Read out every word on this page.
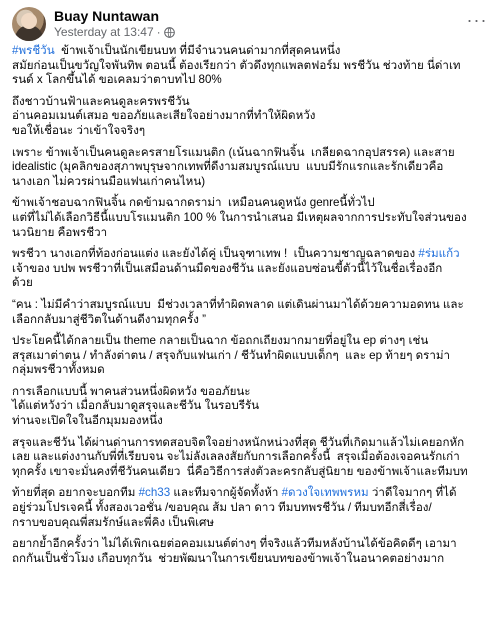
Buay Nuntawan
Yesterday at 13:47 ·
···

#พรชีวัน  ข้าพเจ้าเป็นนักเขียนบท ที่มีจำนวนคนด่ามากที่สุดคนหนึ่ง
สมัยก่อนเป็นขวัญใจพันทิพ ตอนนี้ ต้องเรียกว่า ตัวดึงทุกแพลตฟอร์ม พรชีวัน ช่วงท้าย นี่ด่าเท
รนด์ x โลกขึ้นได้ ขอเคลมว่าตาบทไป 80%

ถึงชาวบ้านฟ้าและคนดูละครพรชีวัน
อ่านคอมเมนต์เสมอ ขออภัยและเสียใจอย่างมากที่ทำให้ผิดหวัง
ขอให้เชื่อนะ ว่าเข้าใจจริงๆ

เพราะ ข้าพเจ้าเป็นคนดูละครสายโรแมนติก (เน้นฉากฟินจิ้น  เกลียดฉากอุปสรรค) และสาย
idealistic (มุคลิกของสุภาพบุรุษจากเทพที่ดีงามสมบูรณ์แบบ  แบบมีรักแรกและรักเดียวคือ
นางเอก ไม่ควรผ่านมือแฟนเก่าคนไหน)

ข้าพเจ้าชอบฉากฟินจิ้น กดข้ามฉากดราม่า  เหมือนคนดูหนัง genreนี้ทั่วไป
แต่ที่ไม่ได้เลือกวิธีนี้แบบโรแมนติก 100 % ในการนำเสนอ มีเหตุผลจากการประทับใจส่วนของ
นวนิยาย คือพรชีวา

พรชีวา นางเอกที่ท้องก่อนแต่ง และยังได้คู่ เป็นจุฑาเทพ !  เป็นความชาญฉลาดของ #ร่มแก้ว
เจ้าของ บปพ พรชีวาที่เป็นเสมือนด้านมืดของชีวัน และยังแอบซ่อนขี้ตัวนี้ไว้ในชื่อเรื่องอีก
ด้วย

“คน : ไม่มีคำว่าสมบูรณ์แบบ  มีช่วงเวลาที่ทำผิดพลาด แต่เดินผ่านมาได้ด้วยความอดทน และ
เลือกกลับมาสู่ชีวิตในด้านดีงามทุกครั้ง ”

ประโยคนี้ได้กลายเป็น theme กลายเป็นฉาก ข้อถกเถียงมากมายที่อยู่ใน ep ต่างๆ เช่น
สรุสเมาต่าตน / ทำลังต่าตน / สรุจกับแฟนเก่า / ชีวันทำผิดแบบเด็กๆ  และ ep ท้ายๆ ดราม่า
กลุ่มพรชีวาทั้งหมด

การเลือกแบบนี้ พาคนส่วนหนึ่งผิดหวัง ขออภัยนะ
ได้แต่หวังว่า เมื่อกลับมาดูสรุจและชีวัน ในรอบรีรัน
ท่านจะเปิดใจในอีกมุมมองหนึ่ง

สรุจและชีวัน ได้ผ่านด่านการทดสอบจิตใจอย่างหนักหน่วงที่สุด ชีวันที่เกิดมาแล้วไม่เคยอกหัก
เลย และแต่งงานกับพี่ที่เรียบจน จะไม่ลังเลลงสัยกับการเลือกครั้งนี้  สรุจเมื่อต้องเจอคนรักเก่า
ทุกครั้ง เขาจะมั่นคงที่ชีวันคนเดียว  นี่คือวิธีการส่งตัวละครกลับสู่นิยาย ของข้าพเจ้าและทีมบท

ท้ายที่สุด อยากจะบอกทีม #ch33 และทีมจากผู้จัดทั้งห้า #ดวงใจเทพพรหม ว่าดีใจมากๆ ที่ได้
อยู่ร่วมโปรเจคนี้ ทั้งสองเวอชั่น /ขอบคุณ ส้ม ปลา ดาว ทีมบทพรชีวัน / ทีมบทอีกสี่เรื่อง/
กราบขอบคุณพี่สมรักษ์และพี่คิง เป็นพิเศษ

อยากย้ำอีกครั้งว่า ไม่ได้เพิกเฉยต่อคอมเมนต์ต่างๆ ที่จริงแล้วทีมหลังบ้านได้ข้อคิดดีๆ เอามา
ถกกันเป็นชั่วโมง เกือบทุกวัน  ช่วยพัฒนาในการเขียนบทของข้าพเจ้าในอนาคตอย่างมาก
